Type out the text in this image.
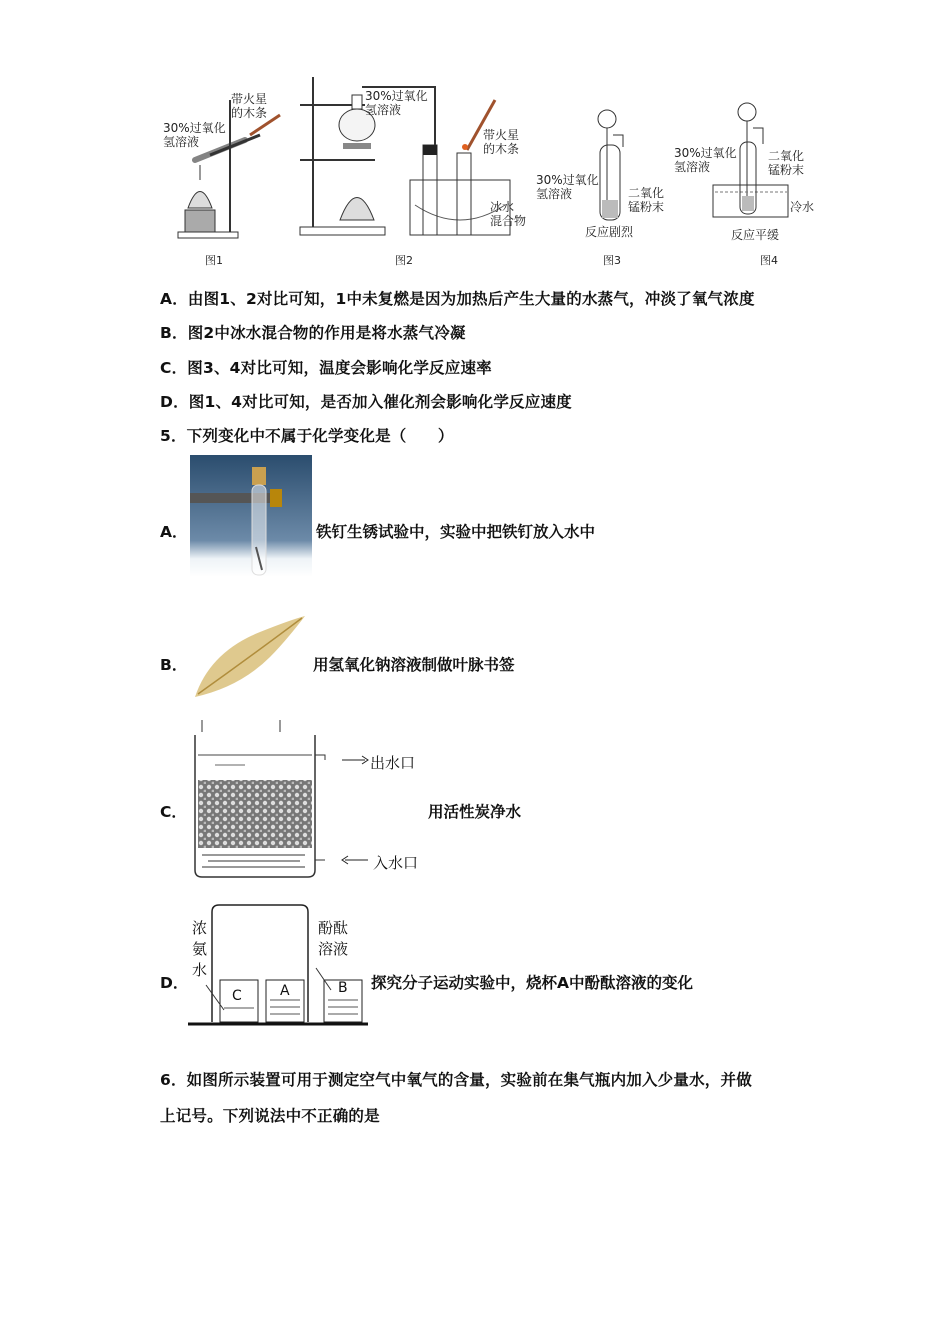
30%过氧化
氢溶液
带火星
的木条
图1
30%过氧化
氢溶液
带火星
的木条
冰水
混合物
图2
30%过氧化
氢溶液	二氧化
锰粉末
反应剧烈
图3
30%过氧化
氢溶液
二氧化
锰粉末
冷水
反应平缓
图4
A．由图1、2对比可知，1中未复燃是因为加热后产生大量的水蒸气，冲淡了氧气浓度
B．图2中冰水混合物的作用是将水蒸气冷凝
C．图3、4对比可知，温度会影响化学反应速率
D．图1、4对比可知，是否加入催化剂会影响化学反应速度
5．下列变化中不属于化学变化是（　　）
A．	铁钉生锈试验中，实验中把铁钉放入水中
B．	用氢氧化钠溶液制做叶脉书签
C．
出水口
入水口
用活性炭净水
D．
浓
氨
水
酚酞
溶液
C	A	B 探究分子运动实验中，烧杯A中酚酞溶液的变化
6．如图所示装置可用于测定空气中氧气的含量，实验前在集气瓶内加入少量水，并做
上记号。下列说法中不正确的是
